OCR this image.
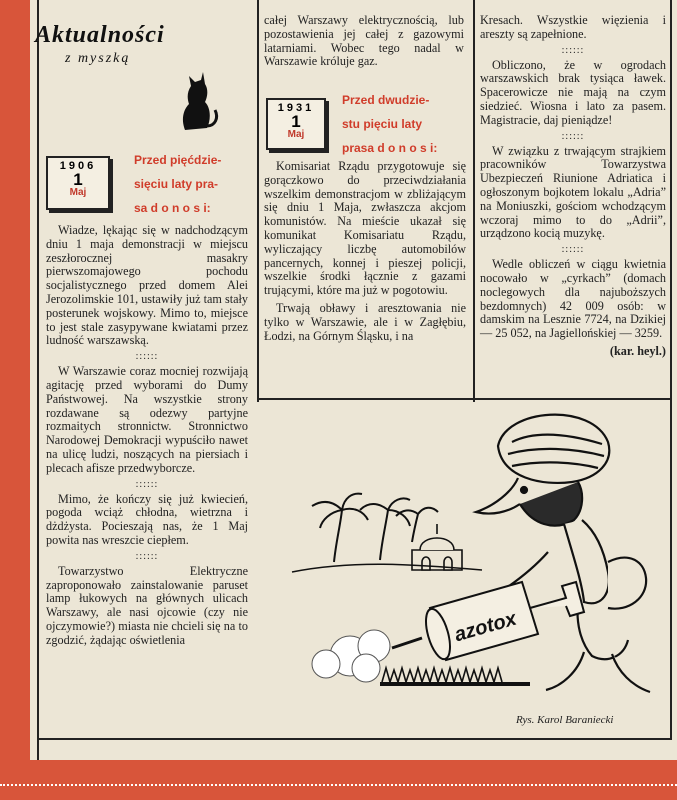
Aktualności
z myszką
1906
1
Maj
Przed pięćdzie-
sięciu laty pra-
sa d o n o s i:

Wiadze, lękając się w nadchodzącym dniu 1 maja demonstracji w miejscu zeszłorocznej masakry pierwszomajowego pochodu socjalistycznego przed domem Alei Jerozolimskie 101, ustawiły już tam stały posterunek wojskowy. Mimo to, miejsce to jest stale zasypywane kwiatami przez ludność warszawską.

::::::

W Warszawie coraz mocniej rozwijają agitację przed wyborami do Dumy Państwowej. Na wszystkie strony rozdawane są odezwy partyjne rozmaitych stronnictw. Stronnictwo Narodowej Demokracji wypuściło nawet na ulicę ludzi, noszących na piersiach i plecach afisze przedwyborcze.

::::::

Mimo, że kończy się już kwiecień, pogoda wciąż chłodna, wietrzna i dżdżysta. Pocieszają nas, że 1 Maj powita nas wreszcie ciepłem.

::::::

Towarzystwo Elektryczne zaproponowało zainstalowanie paruset lamp łukowych na głównych ulicach Warszawy, ale nasi ojcowie (czy nie ojczymowie?) miasta nie chcieli się na to zgodzić, żądając oświetlenia

całej Warszawy elektrycznością, lub pozostawienia jej całej z gazowymi latarniami. Wobec tego nadal w Warszawie króluje gaz.

1931
1
Maj
Przed dwudzie-
stu pięciu laty
prasa d o n o s i:

Komisariat Rządu przygotowuje się gorączkowo do przeciwdziałania wszelkim demonstracjom w zbliżającym się dniu 1 Maja, zwłaszcza akcjom komunistów. Na mieście ukazał się komunikat Komisariatu Rządu, wyliczający liczbę automobilów pancernych, konnej i pieszej policji, wszelkie środki łącznie z gazami trującymi, które ma już w pogotowiu.

Trwają obławy i aresztowania nie tylko w Warszawie, ale i w Zagłębiu, Łodzi, na Górnym Śląsku, i na

Kresach. Wszystkie więzienia i areszty są zapełnione.

::::::

Obliczono, że w ogrodach warszawskich brak tysiąca ławek. Spacerowicze nie mają na czym siedzieć. Wiosna i lato za pasem. Magistracie, daj pieniądze!

::::::

W związku z trwającym strajkiem pracowników Towarzystwa Ubezpieczeń Riunione Adriatica i ogłoszonym bojkotem lokalu „Adria” na Moniuszki, gościom wchodzącym wczoraj mimo to do „Adrii”, urządzono kocią muzykę.

::::::

Wedle obliczeń w ciągu kwietnia nocowało w „cyrkach” (domach noclegowych dla najuboższych bezdomnych) 42 009 osób: w damskim na Lesznie 7724, na Dzikiej — 25 052, na Jagiellońskiej — 3259.

(kar. heyl.)
azotox
Rys. Karol Baraniecki
